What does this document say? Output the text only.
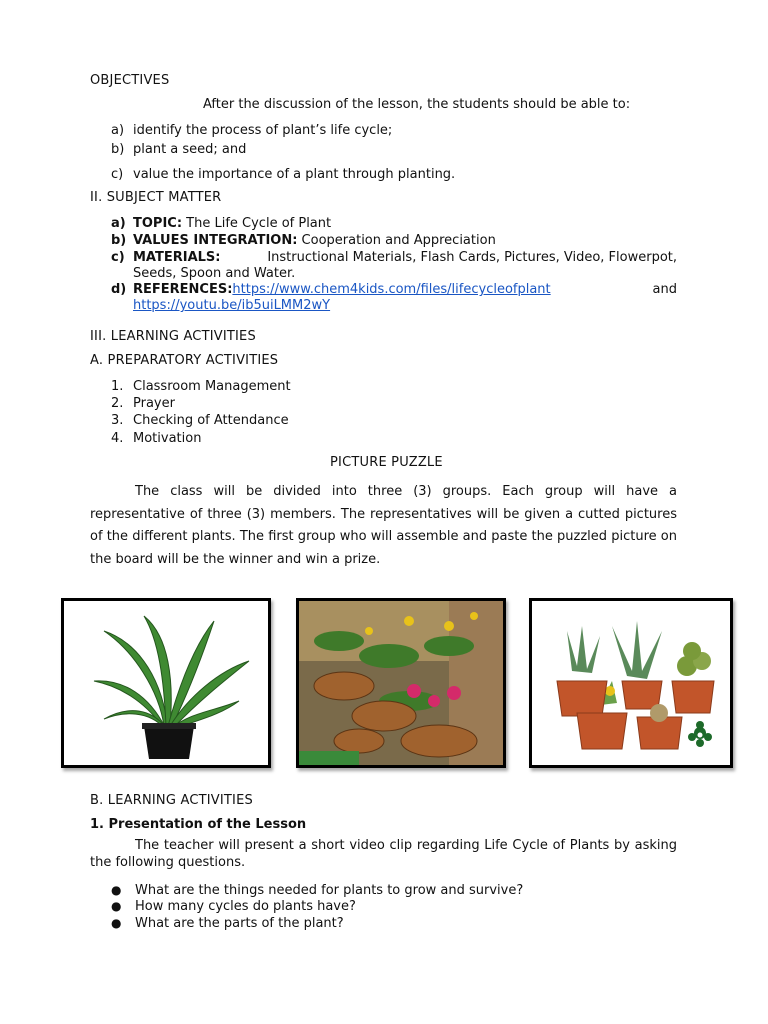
OBJECTIVES
After the discussion of the lesson, the students should be able to:
a) identify the process of plant’s life cycle;
b) plant a seed; and
c) value the importance of a plant through planting.
II. SUBJECT MATTER
a) TOPIC: The Life Cycle of Plant
b) VALUES INTEGRATION: Cooperation and Appreciation
c) MATERIALS:	Instructional Materials, Flash Cards, Pictures, Video, Flowerpot,
Seeds, Spoon and Water.
d) REFERENCES:https://www.chem4kids.com/files/lifecycleofplant	and
https://youtu.be/ib5uiLMM2wY
III. LEARNING ACTIVITIES
A. PREPARATORY ACTIVITIES
1. Classroom Management
2. Prayer
3. Checking of Attendance
4. Motivation
PICTURE PUZZLE
The class will be divided into three (3) groups. Each group will have a representative of three (3) members. The representatives will be given a cutted pictures of the different plants. The first group who will assemble and paste the puzzled picture on the board will be the winner and win a prize.
B. LEARNING ACTIVITIES
1. Presentation of the Lesson
The teacher will present a short video clip regarding Life Cycle of Plants by asking the following questions.
● What are the things needed for plants to grow and survive?
● How many cycles do plants have?
● What are the parts of the plant?
